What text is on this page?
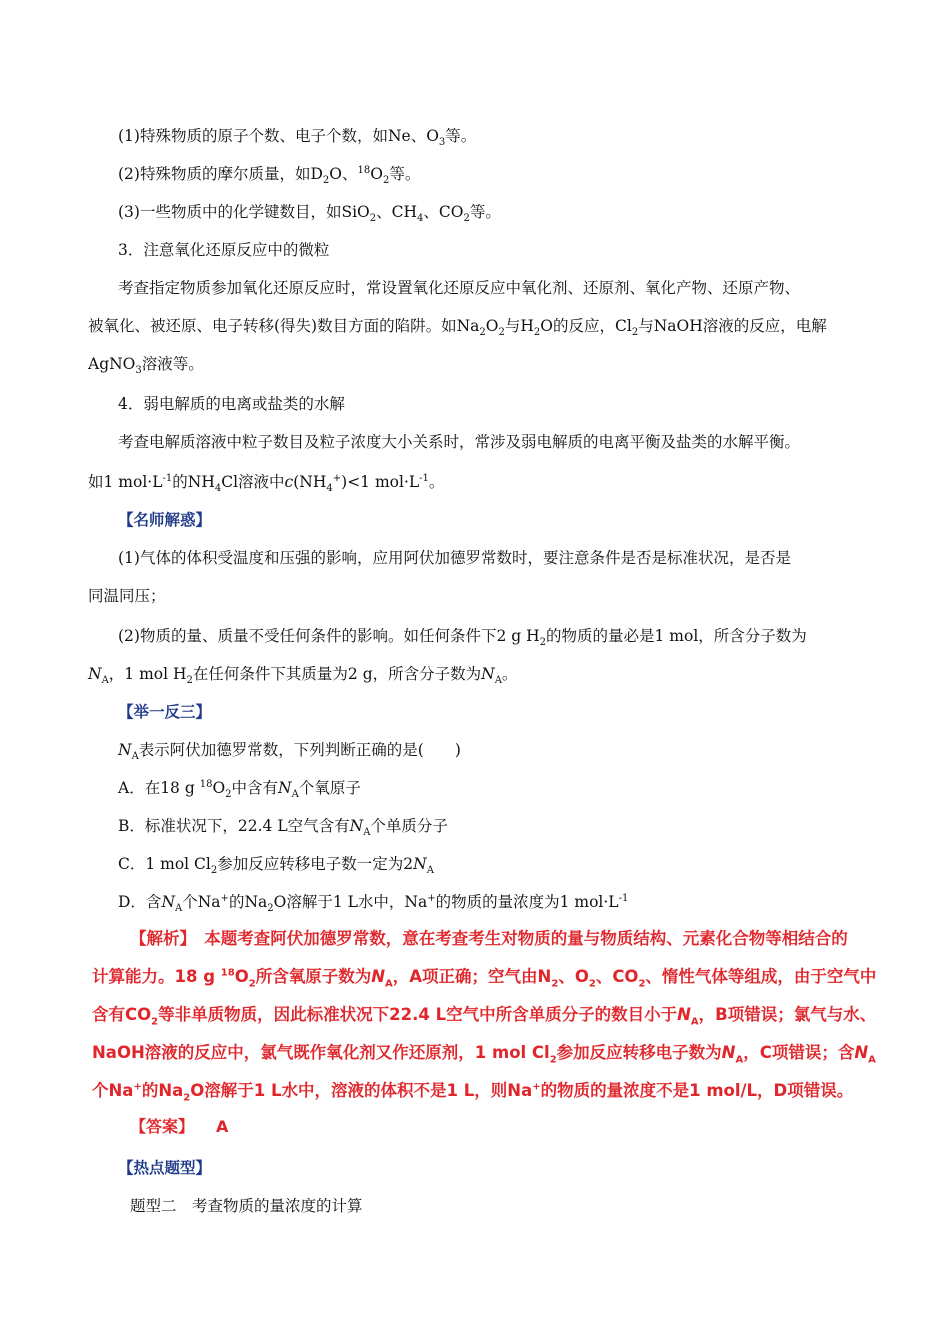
(1)特殊物质的原子个数、电子个数，如Ne、$O_3$等。
(2)特殊物质的摩尔质量，如$D_2O$、$^{18}O_2$等。
(3)一些物质中的化学键数目，如SiO$_2$、$CH_4$、$CO_2$等。
3．注意氧化还原反应中的微粒
考查指定物质参加氧化还原反应时，常设置氧化还原反应中氧化剂、还原剂、氧化产物、还原产物、
被氧化、被还原、电子转移(得失)数目方面的陷阱。如$Na_2O_2$与$H_2O$的反应，$Cl_2$与NaOH溶液的反应，电解
AgNO$_3$溶液等。
4．弱电解质的电离或盐类的水解
考查电解质溶液中粒子数目及粒子浓度大小关系时，常涉及弱电解质的电离平衡及盐类的水解平衡。
如1 $mol\cdot L^{-1}$的$NH_4Cl$溶液中$c(NH_4^+)<1$ $mol\cdot L^{-1}$。
【名师解惑】
(1)气体的体积受温度和压强的影响，应用阿伏加德罗常数时，要注意条件是否是标准状况，是否是
同温同压；
(2)物质的量、质量不受任何条件的影响。如任何条件下2 g $H_2$的物质的量必是1 mol，所含分子数为
$N_A$，1 mol $H_2$在任何条件下其质量为2 g，所含分子数为$N_A$。
【举一反三】
$N_A$表示阿伏加德罗常数，下列判断正确的是(　　)
A．在18 g $^{18}O_2$中含有$N_A$个氧原子
B．标准状况下，22.4 L空气含有$N_A$个单质分子
C．1 mol $Cl_2$参加反应转移电子数一定为$2N_A$
D．含$N_A$个Na+的$Na_2O$溶解于1 L水中，Na+的物质的量浓度为1 $mol\cdot L^{-1}$
【解析】　本题考查阿伏加德罗常数，意在考查考生对物质的量与物质结构、元素化合物等相结合的
计算能力。18 g $^{18}O_2$所含氧原子数为$N_A$，A项正确；空气由$N_2$、$O_2$、$CO_2$、惰性气体等组成，由于空气中
含有$CO_2$等非单质物质，因此标准状况下22.4 L空气中所含单质分子的数目小于$N_A$，B项错误；氯气与水、
NaOH溶液的反应中，氯气既作氧化剂又作还原剂，1 mol $Cl_2$参加反应转移电子数为$N_A$，C项错误；含$N_A$
个Na+的$Na_2O$溶解于1 L水中，溶液的体积不是1 L，则Na+的物质的量浓度不是1 mol/L，D项错误。
【答案】 A
【热点题型】
题型二　考查物质的量浓度的计算
